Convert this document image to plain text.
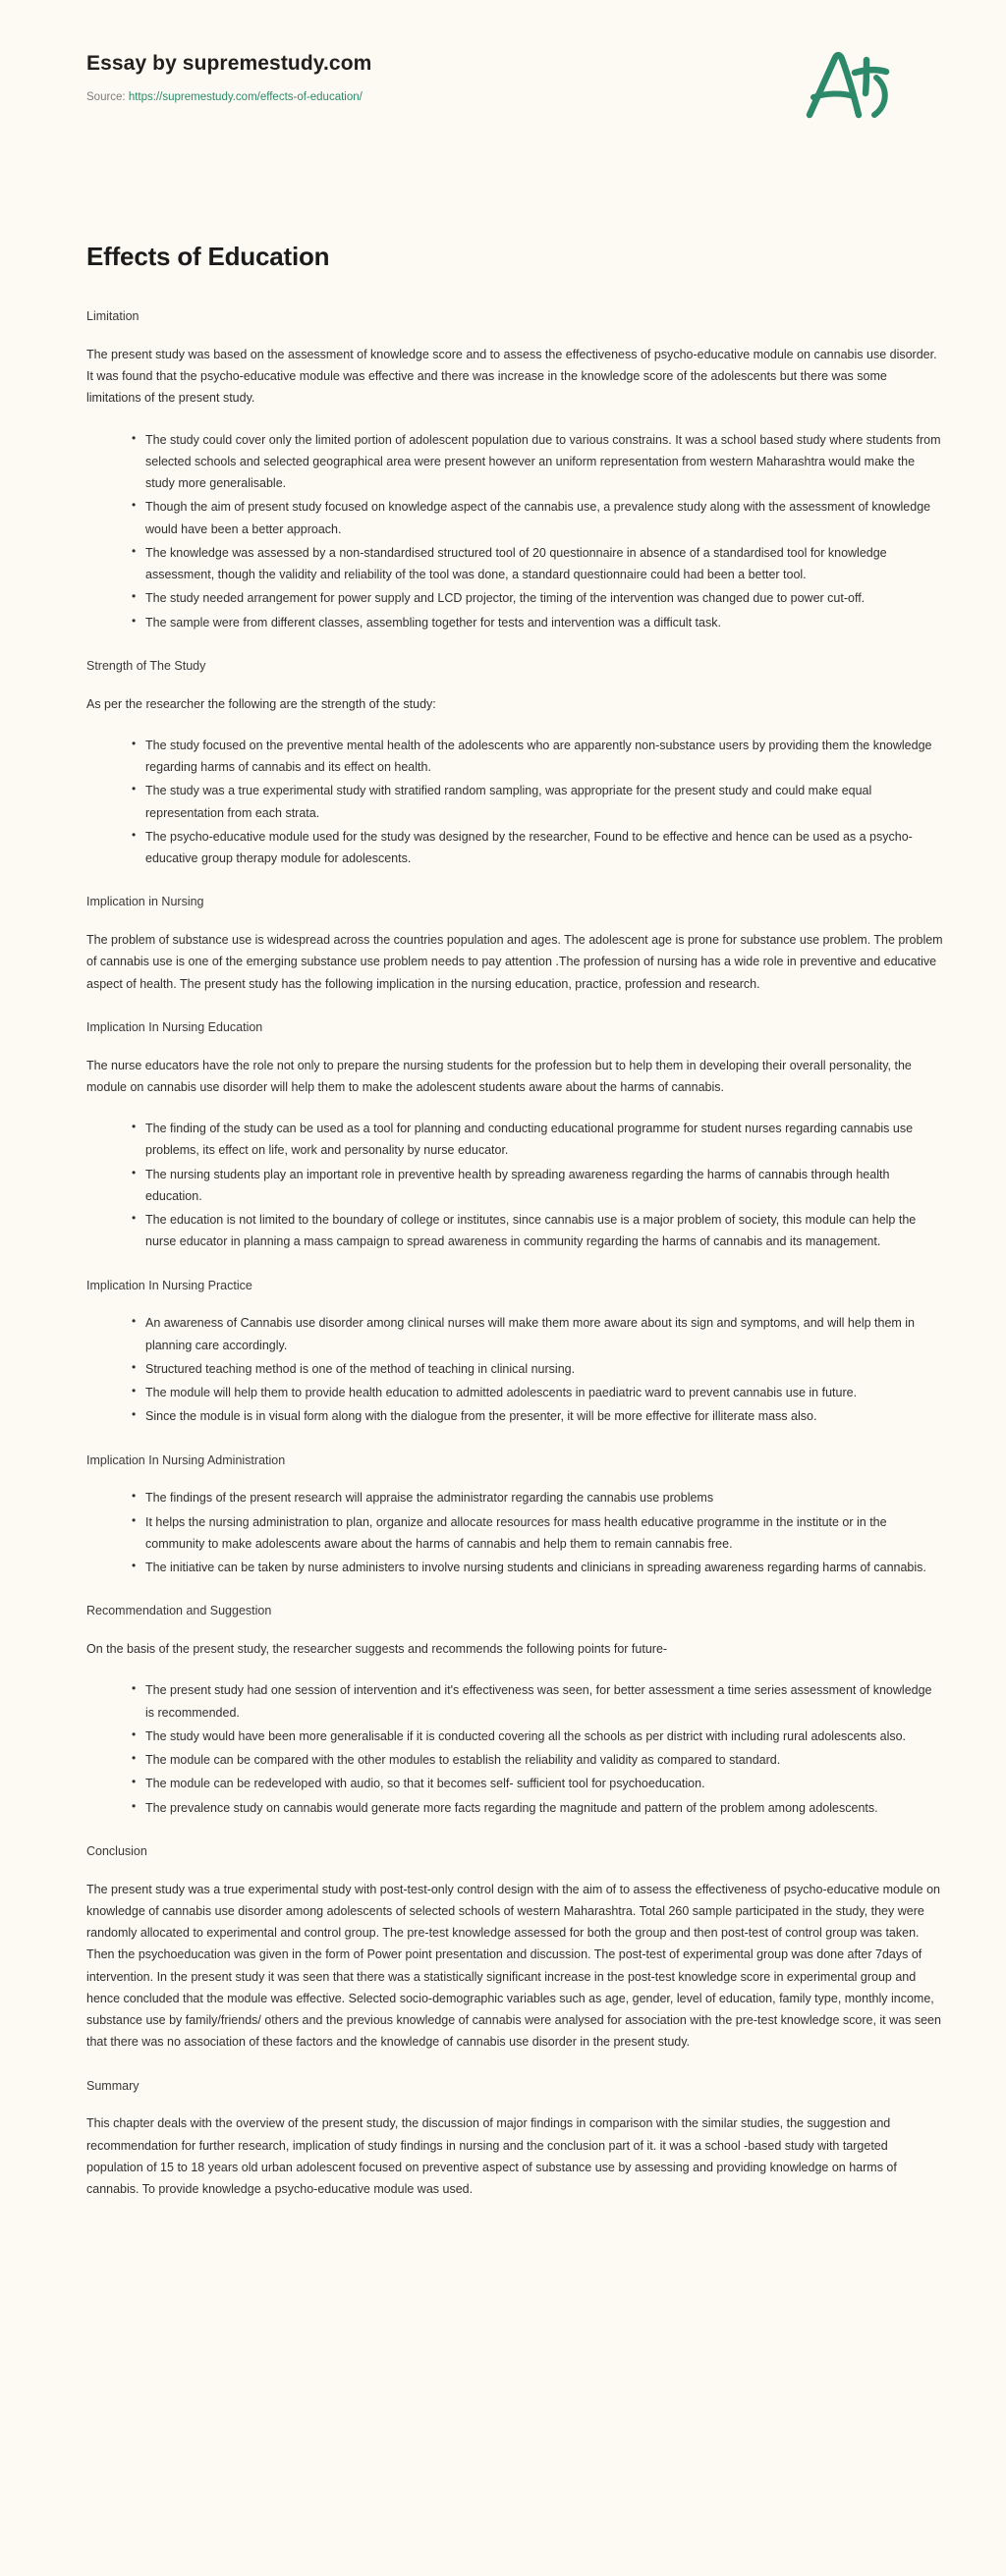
Essay by supremestudy.com
Source: https://supremestudy.com/effects-of-education/
Effects of Education
Limitation

The present study was based on the assessment of knowledge score and to assess the effectiveness of psycho-educative module on cannabis use disorder. It was found that the psycho-educative module was effective and there was increase in the knowledge score of the adolescents but there was some limitations of the present study.

• The study could cover only the limited portion of adolescent population due to various constrains. It was a school based study where students from selected schools and selected geographical area were present however an uniform representation from western Maharashtra would make the study more generalisable.
• Though the aim of present study focused on knowledge aspect of the cannabis use, a prevalence study along with the assessment of knowledge would have been a better approach.
• The knowledge was assessed by a non-standardised structured tool of 20 questionnaire in absence of a standardised tool for knowledge assessment, though the validity and reliability of the tool was done, a standard questionnaire could had been a better tool.
• The study needed arrangement for power supply and LCD projector, the timing of the intervention was changed due to power cut-off.
• The sample were from different classes, assembling together for tests and intervention was a difficult task.
Strength of The Study

As per the researcher the following are the strength of the study:

• The study focused on the preventive mental health of the adolescents who are apparently non-substance users by providing them the knowledge regarding harms of cannabis and its effect on health.
• The study was a true experimental study with stratified random sampling, was appropriate for the present study and could make equal representation from each strata.
• The psycho-educative module used for the study was designed by the researcher, Found to be effective and hence can be used as a psycho-educative group therapy module for adolescents.
Implication in Nursing

The problem of substance use is widespread across the countries population and ages. The adolescent age is prone for substance use problem. The problem of cannabis use is one of the emerging substance use problem needs to pay attention .The profession of nursing has a wide role in preventive and educative aspect of health. The present study has the following implication in the nursing education, practice, profession and research.

Implication In Nursing Education

The nurse educators have the role not only to prepare the nursing students for the profession but to help them in developing their overall personality, the module on cannabis use disorder will help them to make the adolescent students aware about the harms of cannabis.

• The finding of the study can be used as a tool for planning and conducting educational programme for student nurses regarding cannabis use problems, its effect on life, work and personality by nurse educator.
• The nursing students play an important role in preventive health by spreading awareness regarding the harms of cannabis through health education.
• The education is not limited to the boundary of college or institutes, since cannabis use is a major problem of society, this module can help the nurse educator in planning a mass campaign to spread awareness in community regarding the harms of cannabis and its management.
Implication In Nursing Practice
• An awareness of Cannabis use disorder among clinical nurses will make them more aware about its sign and symptoms, and will help them in planning care accordingly.
• Structured teaching method is one of the method of teaching in clinical nursing.
• The module will help them to provide health education to admitted adolescents in paediatric ward to prevent cannabis use in future.
• Since the module is in visual form along with the dialogue from the presenter, it will be more effective for illiterate mass also.
Implication In Nursing Administration
• The findings of the present research will appraise the administrator regarding the cannabis use problems
• It helps the nursing administration to plan, organize and allocate resources for mass health educative programme in the institute or in the community to make adolescents aware about the harms of cannabis and help them to remain cannabis free.
• The initiative can be taken by nurse administers to involve nursing students and clinicians in spreading awareness regarding harms of cannabis.
Recommendation and Suggestion

On the basis of the present study, the researcher suggests and recommends the following points for future-

• The present study had one session of intervention and it's effectiveness was seen, for better assessment a time series assessment of knowledge is recommended.
• The study would have been more generalisable if it is conducted covering all the schools as per district with including rural adolescents also.
• The module can be compared with the other modules to establish the reliability and validity as compared to standard.
• The module can be redeveloped with audio, so that it becomes self- sufficient tool for psychoeducation.
• The prevalence study on cannabis would generate more facts regarding the magnitude and pattern of the problem among adolescents.
Conclusion

The present study was a true experimental study with post-test-only control design with the aim of to assess the effectiveness of psycho-educative module on knowledge of cannabis use disorder among adolescents of selected schools of western Maharashtra. Total 260 sample participated in the study, they were randomly allocated to experimental and control group. The pre-test knowledge assessed for both the group and then post-test of control group was taken. Then the psychoeducation was given in the form of Power point presentation and discussion. The post-test of experimental group was done after 7days of intervention. In the present study it was seen that there was a statistically significant increase in the post-test knowledge score in experimental group and hence concluded that the module was effective. Selected socio-demographic variables such as age, gender, level of education, family type, monthly income, substance use by family/friends/ others and the previous knowledge of cannabis were analysed for association with the pre-test knowledge score, it was seen that there was no association of these factors and the knowledge of cannabis use disorder in the present study.

Summary

This chapter deals with the overview of the present study, the discussion of major findings in comparison with the similar studies, the suggestion and recommendation for further research, implication of study findings in nursing and the conclusion part of it. it was a school -based study with targeted population of 15 to 18 years old urban adolescent focused on preventive aspect of substance use by assessing and providing knowledge on harms of cannabis. To provide knowledge a psycho-educative module was used.
